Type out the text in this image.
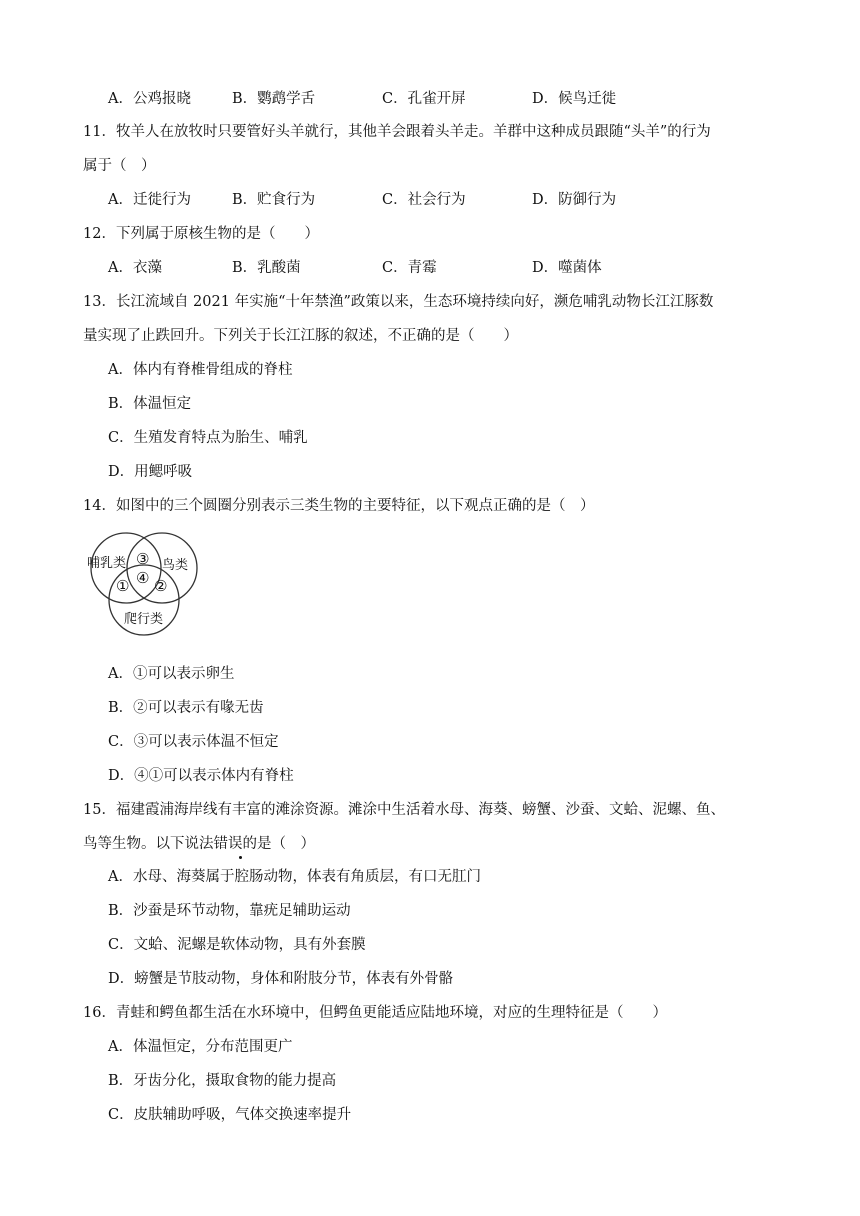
A．公鸡报晓	B．鹦鹉学舌	C．孔雀开屏	D．候鸟迁徙
11．牧羊人在放牧时只要管好头羊就行，其他羊会跟着头羊走。羊群中这种成员跟随“头羊”的行为
属于（　）
A．迁徙行为	B．贮食行为	C．社会行为	D．防御行为
12．下列属于原核生物的是（　　）
A．衣藻	B．乳酸菌	C．青霉	D．噬菌体
13．长江流域自 2021 年实施“十年禁渔”政策以来，生态环境持续向好，濒危哺乳动物长江江豚数
量实现了止跌回升。下列关于长江江豚的叙述，不正确的是（　　）
A．体内有脊椎骨组成的脊柱
B．体温恒定
C．生殖发育特点为胎生、哺乳
D．用鳃呼吸
14．如图中的三个圆圈分别表示三类生物的主要特征，以下观点正确的是（　）
哺乳类	鸟类
爬行类
③
④
① ②
A．①可以表示卵生
B．②可以表示有喙无齿
C．③可以表示体温不恒定
D．④①可以表示体内有脊柱
15．福建霞浦海岸线有丰富的滩涂资源。滩涂中生活着水母、海葵、螃蟹、沙蚕、文蛤、泥螺、鱼、
鸟等生物。以下说法错误的是（　）
A．水母、海葵属于腔肠动物，体表有角质层，有口无肛门
B．沙蚕是环节动物，靠疣足辅助运动
C．文蛤、泥螺是软体动物，具有外套膜
D．螃蟹是节肢动物，身体和附肢分节，体表有外骨骼
16．青蛙和鳄鱼都生活在水环境中，但鳄鱼更能适应陆地环境，对应的生理特征是（　　）
A．体温恒定，分布范围更广
B．牙齿分化，摄取食物的能力提高
C．皮肤辅助呼吸，气体交换速率提升
